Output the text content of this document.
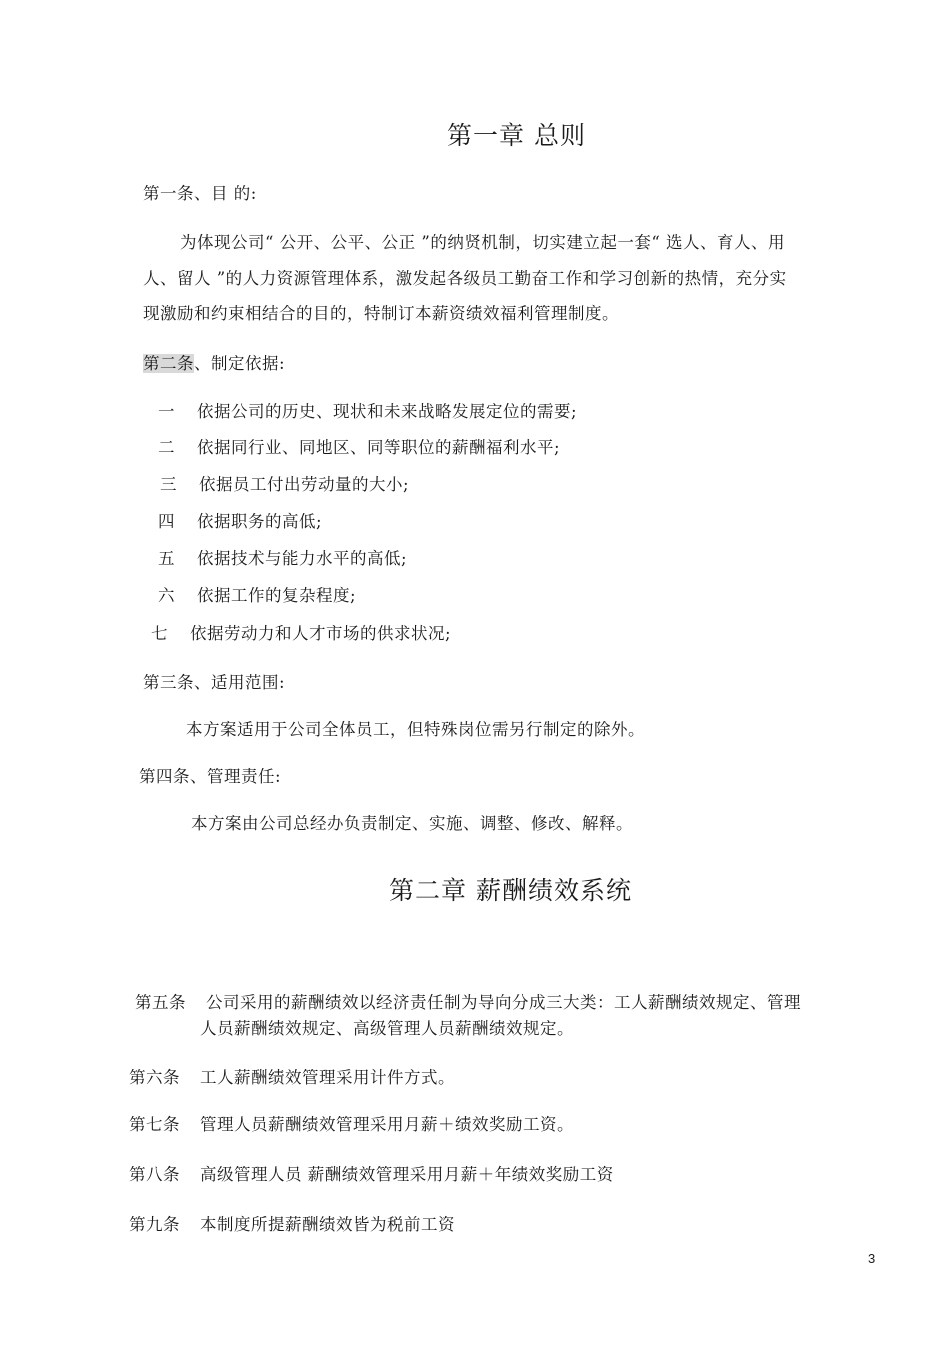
第一章 总则
第一条、目 的:
为体现公司“ 公开、公平、公正 ”的纳贤机制，切实建立起一套“ 选人、育人、用
人、留人 ”的人力资源管理体系，激发起各级员工勤奋工作和学习创新的热情，充分实
现激励和约束相结合的目的，特制订本薪资绩效福利管理制度。
第二条、制定依据:
一 依据公司的历史、现状和未来战略发展定位的需要;
二 依据同行业、同地区、同等职位的薪酬福利水平;
三 依据员工付出劳动量的大小;
四 依据职务的高低;
五 依据技术与能力水平的高低;
六 依据工作的复杂程度;
七 依据劳动力和人才市场的供求状况;
第三条、适用范围:
本方案适用于公司全体员工，但特殊岗位需另行制定的除外。
第四条、管理责任:
本方案由公司总经办负责制定、实施、调整、修改、解释。
第二章 薪酬绩效系统
第五条 公司采用的薪酬绩效以经济责任制为导向分成三大类：工人薪酬绩效规定、管理
人员薪酬绩效规定、高级管理人员薪酬绩效规定。
第六条 工人薪酬绩效管理采用计件方式。
第七条 管理人员薪酬绩效管理采用月薪＋绩效奖励工资。
第八条 高级管理人员 薪酬绩效管理采用月薪＋年绩效奖励工资
第九条 本制度所提薪酬绩效皆为税前工资
3
